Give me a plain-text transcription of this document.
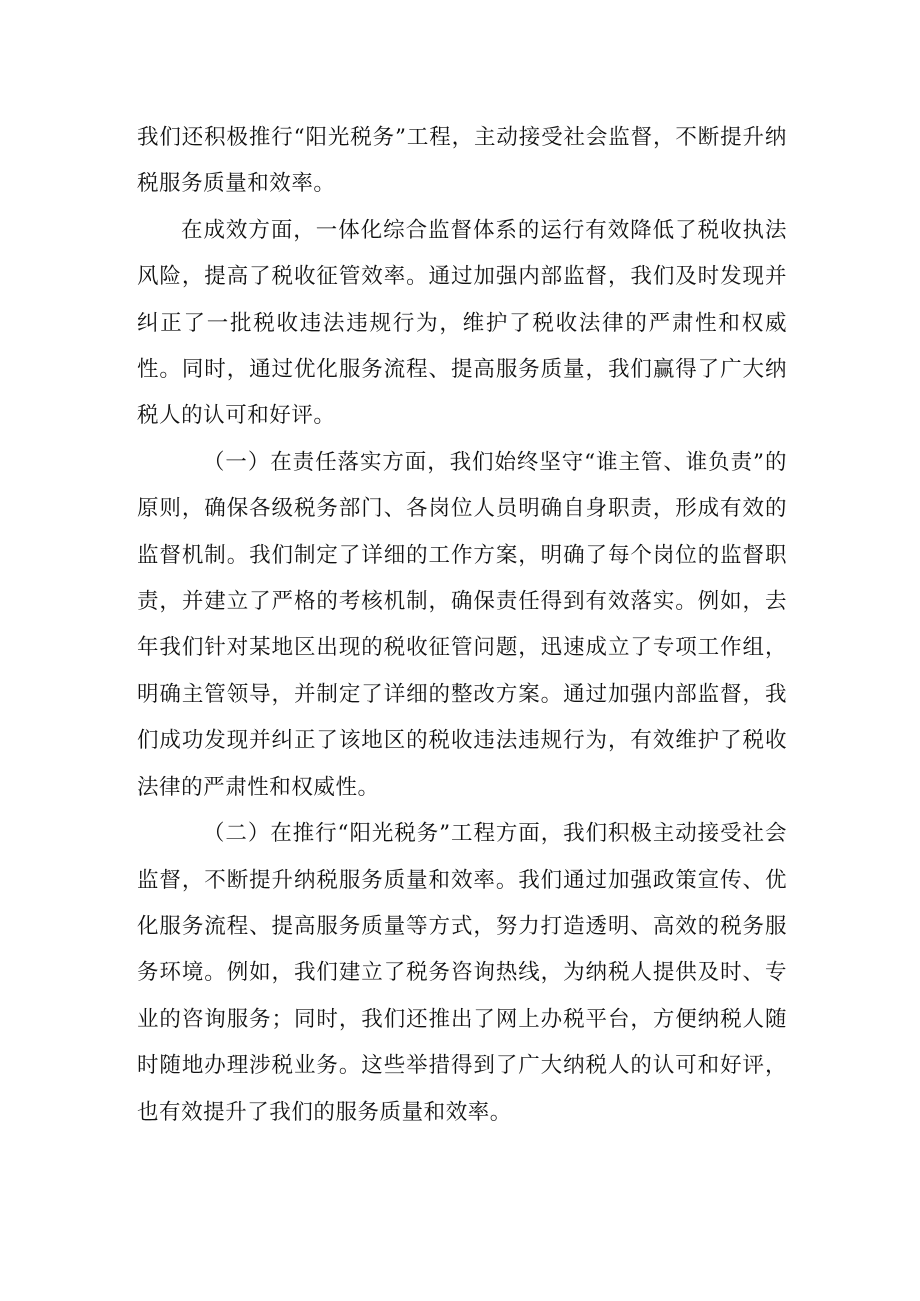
我们还积极推行“阳光税务”工程，主动接受社会监督，不断提升纳税服务质量和效率。

在成效方面，一体化综合监督体系的运行有效降低了税收执法风险，提高了税收征管效率。通过加强内部监督，我们及时发现并纠正了一批税收违法违规行为，维护了税收法律的严肃性和权威性。同时，通过优化服务流程、提高服务质量，我们赢得了广大纳税人的认可和好评。

（一）在责任落实方面，我们始终坚守“谁主管、谁负责”的原则，确保各级税务部门、各岗位人员明确自身职责，形成有效的监督机制。我们制定了详细的工作方案，明确了每个岗位的监督职责，并建立了严格的考核机制，确保责任得到有效落实。例如，去年我们针对某地区出现的税收征管问题，迅速成立了专项工作组，明确主管领导，并制定了详细的整改方案。通过加强内部监督，我们成功发现并纠正了该地区的税收违法违规行为，有效维护了税收法律的严肃性和权威性。

（二）在推行“阳光税务”工程方面，我们积极主动接受社会监督，不断提升纳税服务质量和效率。我们通过加强政策宣传、优化服务流程、提高服务质量等方式，努力打造透明、高效的税务服务环境。例如，我们建立了税务咨询热线，为纳税人提供及时、专业的咨询服务；同时，我们还推出了网上办税平台，方便纳税人随时随地办理涉税业务。这些举措得到了广大纳税人的认可和好评，也有效提升了我们的服务质量和效率。
